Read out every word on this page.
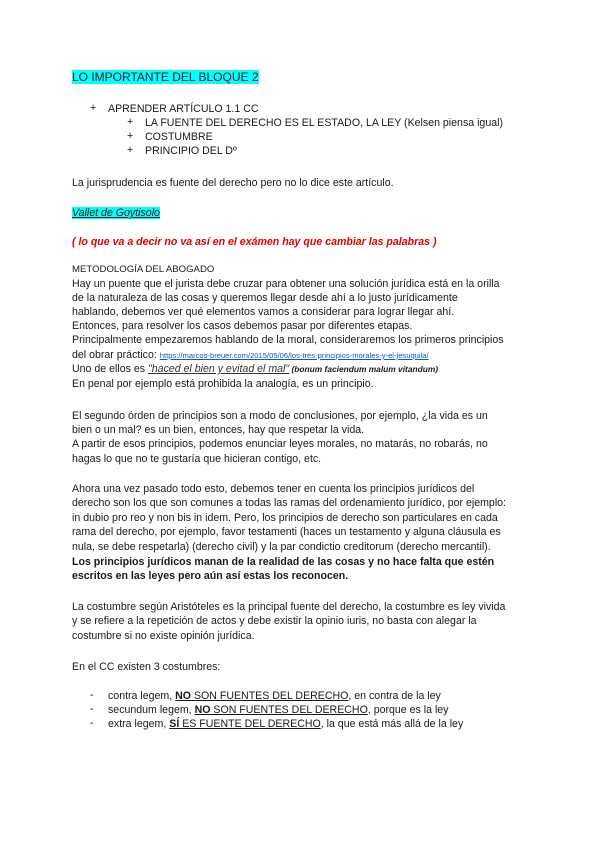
LO IMPORTANTE DEL BLOQUE 2
+ APRENDER ARTÍCULO 1.1 CC
+ LA FUENTE DEL DERECHO ES EL ESTADO, LA LEY (Kelsen piensa igual)
+ COSTUMBRE
+ PRINCIPIO DEL Dº
La jurisprudencia es fuente del derecho pero no lo dice este artículo.
Vallet de Goytisolo
( lo que va a decir no va así en el exámen hay que cambiar las palabras )
METODOLOGÍA DEL ABOGADO
Hay un puente que el jurista debe cruzar para obtener una solución jurídica está en la orilla
de la naturaleza de las cosas y queremos llegar desde ahí a lo justo jurídicamente
hablando, debemos ver qué elementos vamos a considerar para lograr llegar ahí.
Entonces, para resolver los casos debemos pasar por diferentes etapas.
Principalmente empezaremos hablando de la moral, consideraremos los primeros principios
del obrar práctico: https://marcos-breuer.com/2015/05/06/los-tres-principios-morales-y-el-jesuquila/
Uno de ellos es "haced el bien y evitad el mal" (bonum faciendum malum vitandum)
En penal por ejemplo está prohibida la analogía, es un principio.
El segundo órden de principios son a modo de conclusiones, por ejemplo, ¿la vida es un
bien o un mal? es un bien, entonces, hay que respetar la vida.
A partir de esos principios, podemos enunciar leyes morales, no matarás, no robarás, no
hagas lo que no te gustaría que hicieran contigo, etc.
Ahora una vez pasado todo esto, debemos tener en cuenta los principios jurídicos del
derecho son los que son comunes a todas las ramas del ordenamiento jurídico, por ejemplo:
in dubio pro reo y non bis in idem. Pero, los principios de derecho son particulares en cada
rama del derecho, por ejemplo, favor testamenti (haces un testamento y alguna cláusula es
nula, se debe respetarla) (derecho civil) y la par condictio creditorum (derecho mercantil).
Los principios jurídicos manan de la realidad de las cosas y no hace falta que estén
escritos en las leyes pero aún así estas los reconocen.
La costumbre según Aristóteles es la principal fuente del derecho, la costumbre es ley vivida
y se refiere a la repetición de actos y debe existir la opinio iuris, no basta con alegar la
costumbre si no existe opinión jurídica.
En el CC existen 3 costumbres:
- contra legem, NO SON FUENTES DEL DERECHO, en contra de la ley
- secundum legem, NO SON FUENTES DEL DERECHO, porque es la ley
- extra legem, SÍ ES FUENTE DEL DERECHO, la que está más allá de la ley
